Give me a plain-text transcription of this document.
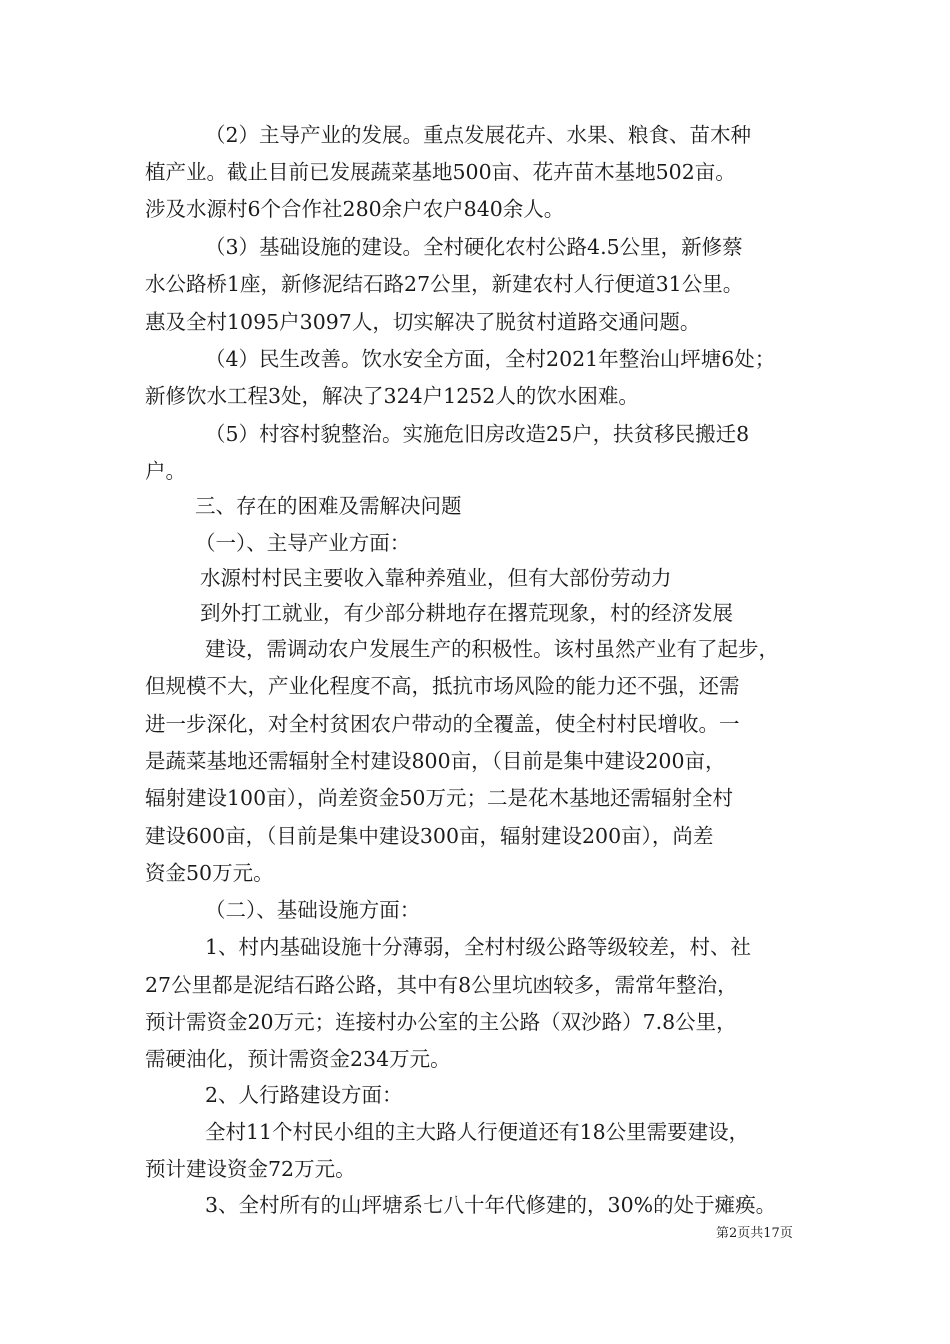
（2）主导产业的发展。重点发展花卉、水果、粮食、苗木种
植产业。截止目前已发展蔬菜基地500亩、花卉苗木基地502亩。
涉及水源村6个合作社280余户农户840余人。
（3）基础设施的建设。全村硬化农村公路4.5公里，新修蔡
水公路桥1座，新修泥结石路27公里，新建农村人行便道31公里。
惠及全村1095户3097人，切实解决了脱贫村道路交通问题。
（4）民生改善。饮水安全方面，全村2021年整治山坪塘6处；
新修饮水工程3处，解决了324户1252人的饮水困难。
（5）村容村貌整治。实施危旧房改造25户，扶贫移民搬迁8
户。
三、存在的困难及需解决问题
（一）、主导产业方面：
水源村村民主要收入靠种养殖业，但有大部份劳动力
到外打工就业，有少部分耕地存在撂荒现象，村的经济发展
建设，需调动农户发展生产的积极性。该村虽然产业有了起步，
但规模不大，产业化程度不高，抵抗市场风险的能力还不强，还需
进一步深化，对全村贫困农户带动的全覆盖，使全村村民增收。一
是蔬菜基地还需辐射全村建设800亩，（目前是集中建设200亩，
辐射建设100亩），尚差资金50万元；二是花木基地还需辐射全村
建设600亩，（目前是集中建设300亩，辐射建设200亩），尚差
资金50万元。
（二）、基础设施方面：
1、村内基础设施十分薄弱，全村村级公路等级较差，村、社
27公里都是泥结石路公路，其中有8公里坑凼较多，需常年整治，
预计需资金20万元；连接村办公室的主公路（双沙路）7.8公里，
需硬油化，预计需资金234万元。
2、人行路建设方面：
全村11个村民小组的主大路人行便道还有18公里需要建设，
预计建设资金72万元。
3、全村所有的山坪塘系七八十年代修建的，30%的处于瘫痪。
第2页共17页
